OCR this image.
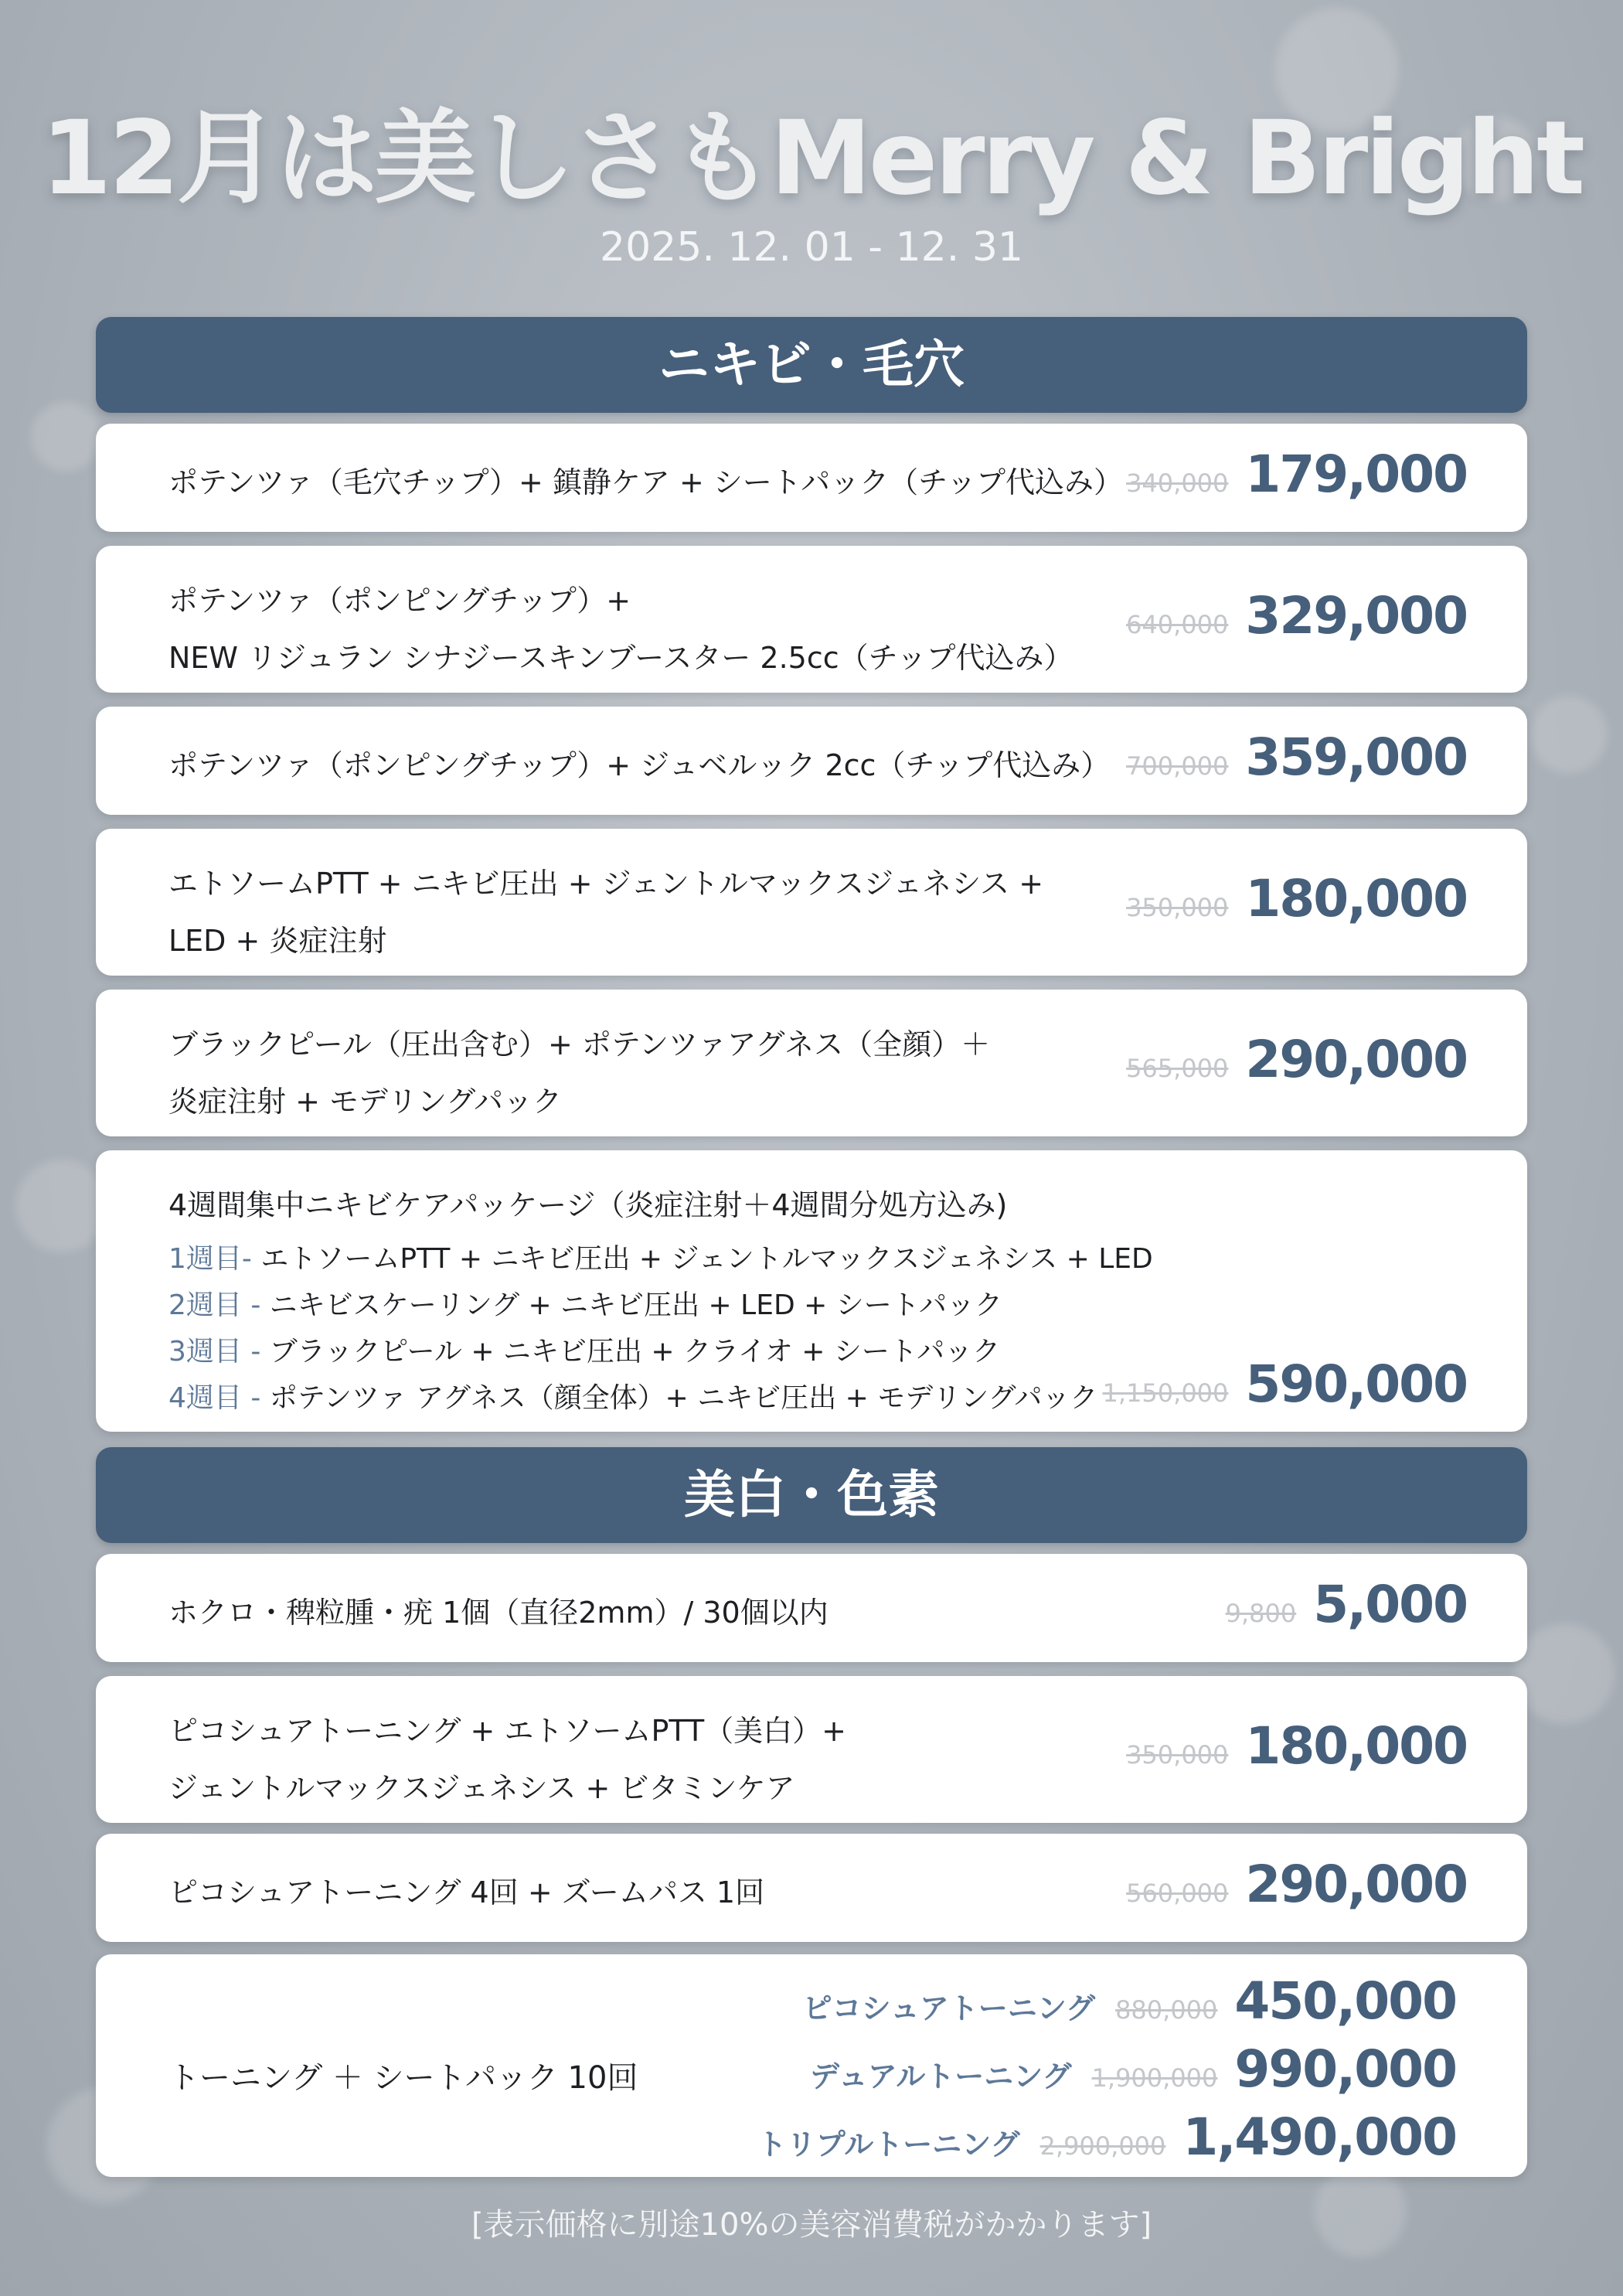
12月は美しさもMerry & Bright
2025. 12. 01 - 12. 31
ニキビ・毛穴
ポテンツァ（毛穴チップ）+ 鎮静ケア + シートパック（チップ代込み） 340,000 179,000
ポテンツァ（ポンピングチップ）+
NEW リジュラン シナジースキンブースター 2.5cc（チップ代込み）
640,000 329,000
ポテンツァ（ポンピングチップ）+ ジュベルック 2cc（チップ代込み） 700,000 359,000
エトソームPTT + ニキビ圧出 + ジェントルマックスジェネシス +
LED + 炎症注射
350,000 180,000
ブラックピール（圧出含む）+ ポテンツァアグネス（全顔）＋
炎症注射 + モデリングパック
565,000 290,000
4週間集中ニキビケアパッケージ（炎症注射＋4週間分処方込み)
1週目- エトソームPTT + ニキビ圧出 + ジェントルマックスジェネシス + LED
2週目 - ニキビスケーリング + ニキビ圧出 + LED + シートパック
3週目 - ブラックピール + ニキビ圧出 + クライオ + シートパック
4週目 - ポテンツァ アグネス（顔全体）+ ニキビ圧出 + モデリングパック 1,150,000 590,000
美白・色素
ホクロ・稗粒腫・疣 1個（直径2mm）/ 30個以内	9,800 5,000
ピコシュアトーニング + エトソームPTT（美白）+
ジェントルマックスジェネシス + ビタミンケア
350,000 180,000
ピコシュアトーニング 4回 + ズームパス 1回	560,000 290,000
トーニング ＋ シートパック 10回
ピコシュアトーニング 880,000 450,000
デュアルトーニング 1,900,000 990,000
トリプルトーニング 2,900,000 1,490,000
[表示価格に別途10%の美容消費税がかかります]
